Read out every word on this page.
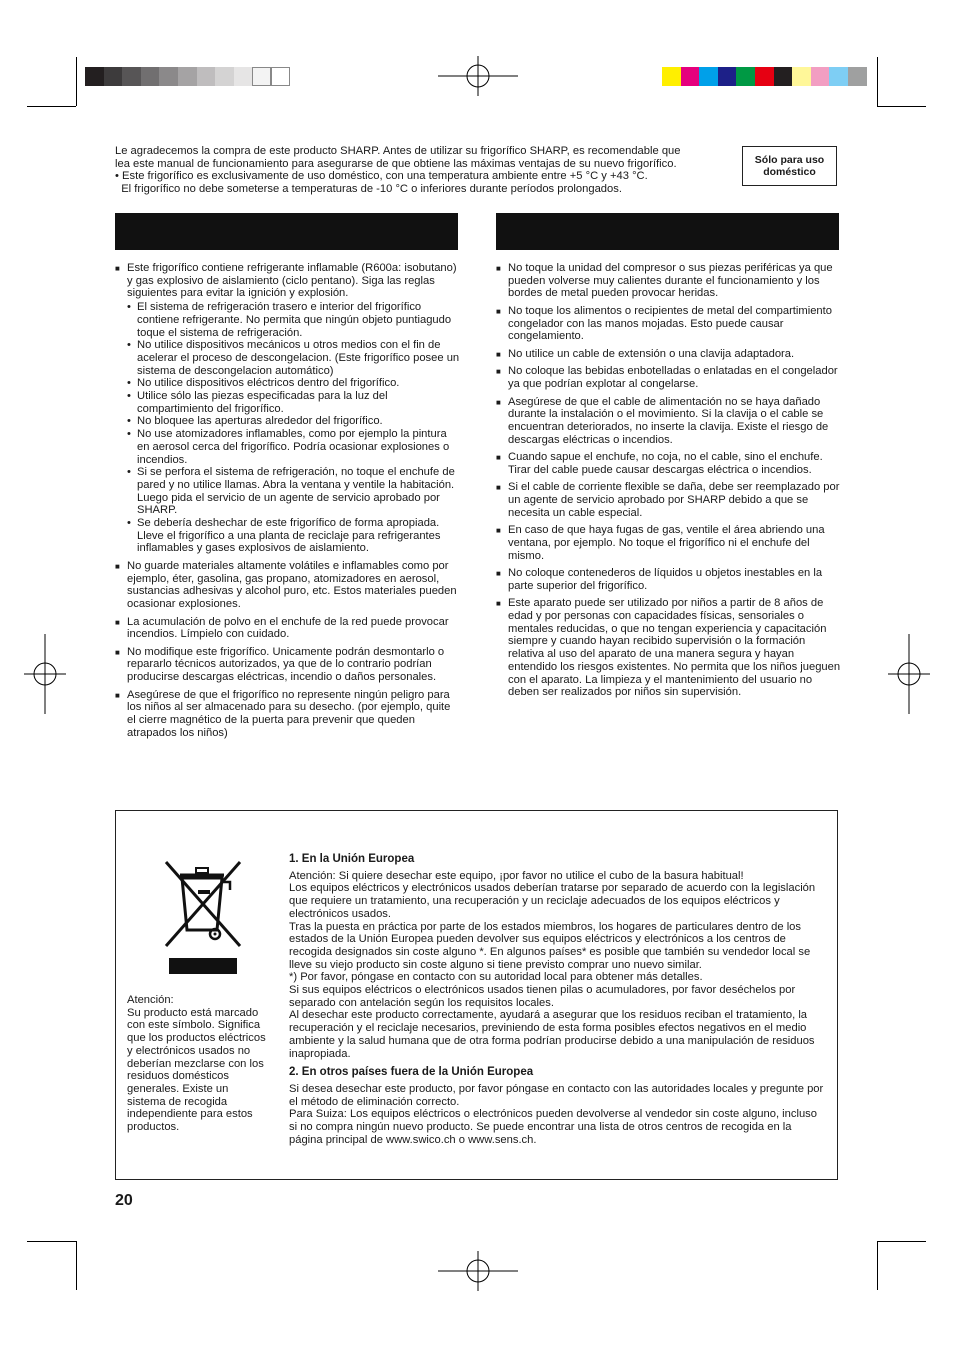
Le agradecemos la compra de este producto SHARP. Antes de utilizar su frigorífico SHARP, es recomendable que

lea este manual de funcionamiento para asegurarse de que obtiene las máximas ventajas de su nuevo frigorífico.

• Este frigorífico es exclusivamente de uso doméstico, con una temperatura ambiente entre +5 °C y +43 °C.

El frigorífico no debe someterse a temperaturas de -10 °C o inferiores durante períodos prolongados.

Sólo para uso
doméstico
■ Este frigorífico contiene refrigerante inflamable (R600a: isobutano) y gas explosivo de aislamiento (ciclo pentano). Siga las reglas siguientes para evitar la ignición y explosión.
• El sistema de refrigeración trasero e interior del frigorífico contiene refrigerante. No permita que ningún objeto puntiagudo toque el sistema de refrigeración.
• No utilice dispositivos mecánicos u otros medios con el fin de acelerar el proceso de descongelacion. (Este frigorífico posee un sistema de descongelacion automático)
• No utilice dispositivos eléctricos dentro del frigorífico.
• Utilice sólo las piezas especificadas para la luz del compartimiento del frigorífico.
• No bloquee las aperturas alrededor del frigorífico.
• No use atomizadores inflamables, como por ejemplo la pintura en aerosol cerca del frigorífico. Podría ocasionar explosiones o incendios.
• Si se perfora el sistema de refrigeración, no toque el enchufe de pared y no utilice llamas. Abra la ventana y ventile la habitación. Luego pida el servicio de un agente de servicio aprobado por SHARP.
• Se debería deshechar de este frigorífico de forma apropiada. Lleve el frigorífico a una planta de reciclaje para refrigerantes inflamables y gases explosivos de aislamiento.
■ No guarde materiales altamente volátiles e inflamables como por ejemplo, éter, gasolina, gas propano, atomizadores en aerosol, sustancias adhesivas y alcohol puro, etc. Estos materiales pueden ocasionar explosiones.
■ La acumulación de polvo en el enchufe de la red puede provocar incendios. Límpielo con cuidado.
■ No modifique este frigorífico. Unicamente podrán desmontarlo o repararlo técnicos autorizados, ya que de lo contrario podrían producirse descargas eléctricas, incendio o daños personales.
■ Asegúrese de que el frigorífico no represente ningún peligro para los niños al ser almacenado para su desecho. (por ejemplo, quite el cierre magnético de la puerta para prevenir que queden atrapados los niños)
■ No toque la unidad del compresor o sus piezas periféricas ya que pueden volverse muy calientes durante el funcionamiento y los bordes de metal pueden provocar heridas.
■ No toque los alimentos o recipientes de metal del compartimiento congelador con las manos mojadas. Esto puede causar congelamiento.
■ No utilice un cable de extensión o una clavija adaptadora.
■ No coloque las bebidas enbotelladas o enlatadas en el congelador ya que podrían explotar al congelarse.
■ Asegúrese de que el cable de alimentación no se haya dañado durante la instalación o el movimiento. Si la clavija o el cable se encuentran deteriorados, no inserte la clavija. Existe el riesgo de descargas eléctricas o incendios.
■ Cuando sapue el enchufe, no coja, no el cable, sino el enchufe. Tirar del cable puede causar descargas eléctrica o incendios.
■ Si el cable de corriente flexible se daña, debe ser reemplazado por un agente de servicio aprobado por SHARP debido a que se necesita un cable especial.
■ En caso de que haya fugas de gas, ventile el área abriendo una ventana, por ejemplo. No toque el frigorífico ni el enchufe del mismo.
■ No coloque contenederos de líquidos u objetos inestables en la parte superior del frigorífico.
■ Este aparato puede ser utilizado por niños a partir de 8 años de edad y por personas con capacidades físicas, sensoriales o mentales reducidas, o que no tengan experiencia y capacitación siempre y cuando hayan recibido supervisión o la formación relativa al uso del aparato de una manera segura y hayan entendido los riesgos existentes. No permita que los niños jueguen con el aparato. La limpieza y el mantenimiento del usuario no deben ser realizados por niños sin supervisión.

Atención:

Su producto está marcado con este símbolo. Significa que los productos eléctricos y electrónicos usados no deberían mezclarse con los residuos domésticos generales. Existe un sistema de recogida independiente para estos productos.

1. En la Unión Europea

Atención: Si quiere desechar este equipo, ¡por favor no utilice el cubo de la basura habitual!

Los equipos eléctricos y electrónicos usados deberían tratarse por separado de acuerdo con la legislación que requiere un tratamiento, una recuperación y un reciclaje adecuados de los equipos eléctricos y electrónicos usados.

Tras la puesta en práctica por parte de los estados miembros, los hogares de particulares dentro de los estados de la Unión Europea pueden devolver sus equipos eléctricos y electrónicos a los centros de recogida designados sin coste alguno *. En algunos países* es posible que también su vendedor local se lleve su viejo producto sin coste alguno si tiene previsto comprar uno nuevo similar.

*) Por favor, póngase en contacto con su autoridad local para obtener más detalles.

Si sus equipos eléctricos o electrónicos usados tienen pilas o acumuladores, por favor deséchelos por separado con antelación según los requisitos locales.

Al desechar este producto correctamente, ayudará a asegurar que los residuos reciban el tratamiento, la recuperación y el reciclaje necesarios, previniendo de esta forma posibles efectos negativos en el medio ambiente y la salud humana que de otra forma podrían producirse debido a una manipulación de residuos inapropiada.

2. En otros países fuera de la Unión Europea

Si desea desechar este producto, por favor póngase en contacto con las autoridades locales y pregunte por el método de eliminación correcto.

Para Suiza: Los equipos eléctricos o electrónicos pueden devolverse al vendedor sin coste alguno, incluso si no compra ningún nuevo producto. Se puede encontrar una lista de otros centros de recogida en la página principal de www.swico.ch o www.sens.ch.

20
